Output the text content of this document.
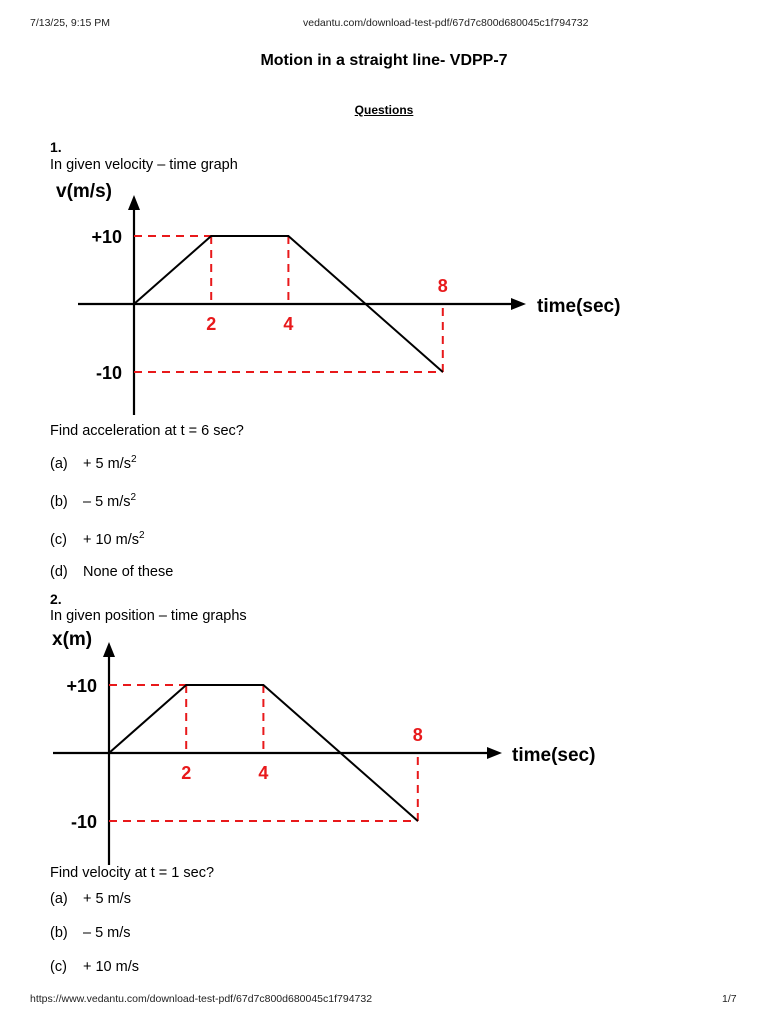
7/13/25, 9:15 PM	vedantu.com/download-test-pdf/67d7c800d680045c1f794732
Motion in a straight line- VDPP-7
Questions
1.
In given velocity – time graph
v(m/s)
time(sec)
+10
-10
2	4
8
Find acceleration at t = 6 sec?
(a) + 5 $m/s^2$
(b) – 5 $m/s^2$
(c) + 10 $m/s^2$
(d) None of these
2.
In given position – time graphs
x(m)
time(sec)
+10
-10
2	4
8
Find velocity at t = 1 sec?
(a) + 5 m/s
(b) – 5 m/s
(c) + 10 m/s
https://www.vedantu.com/download-test-pdf/67d7c800d680045c1f794732	1/7
